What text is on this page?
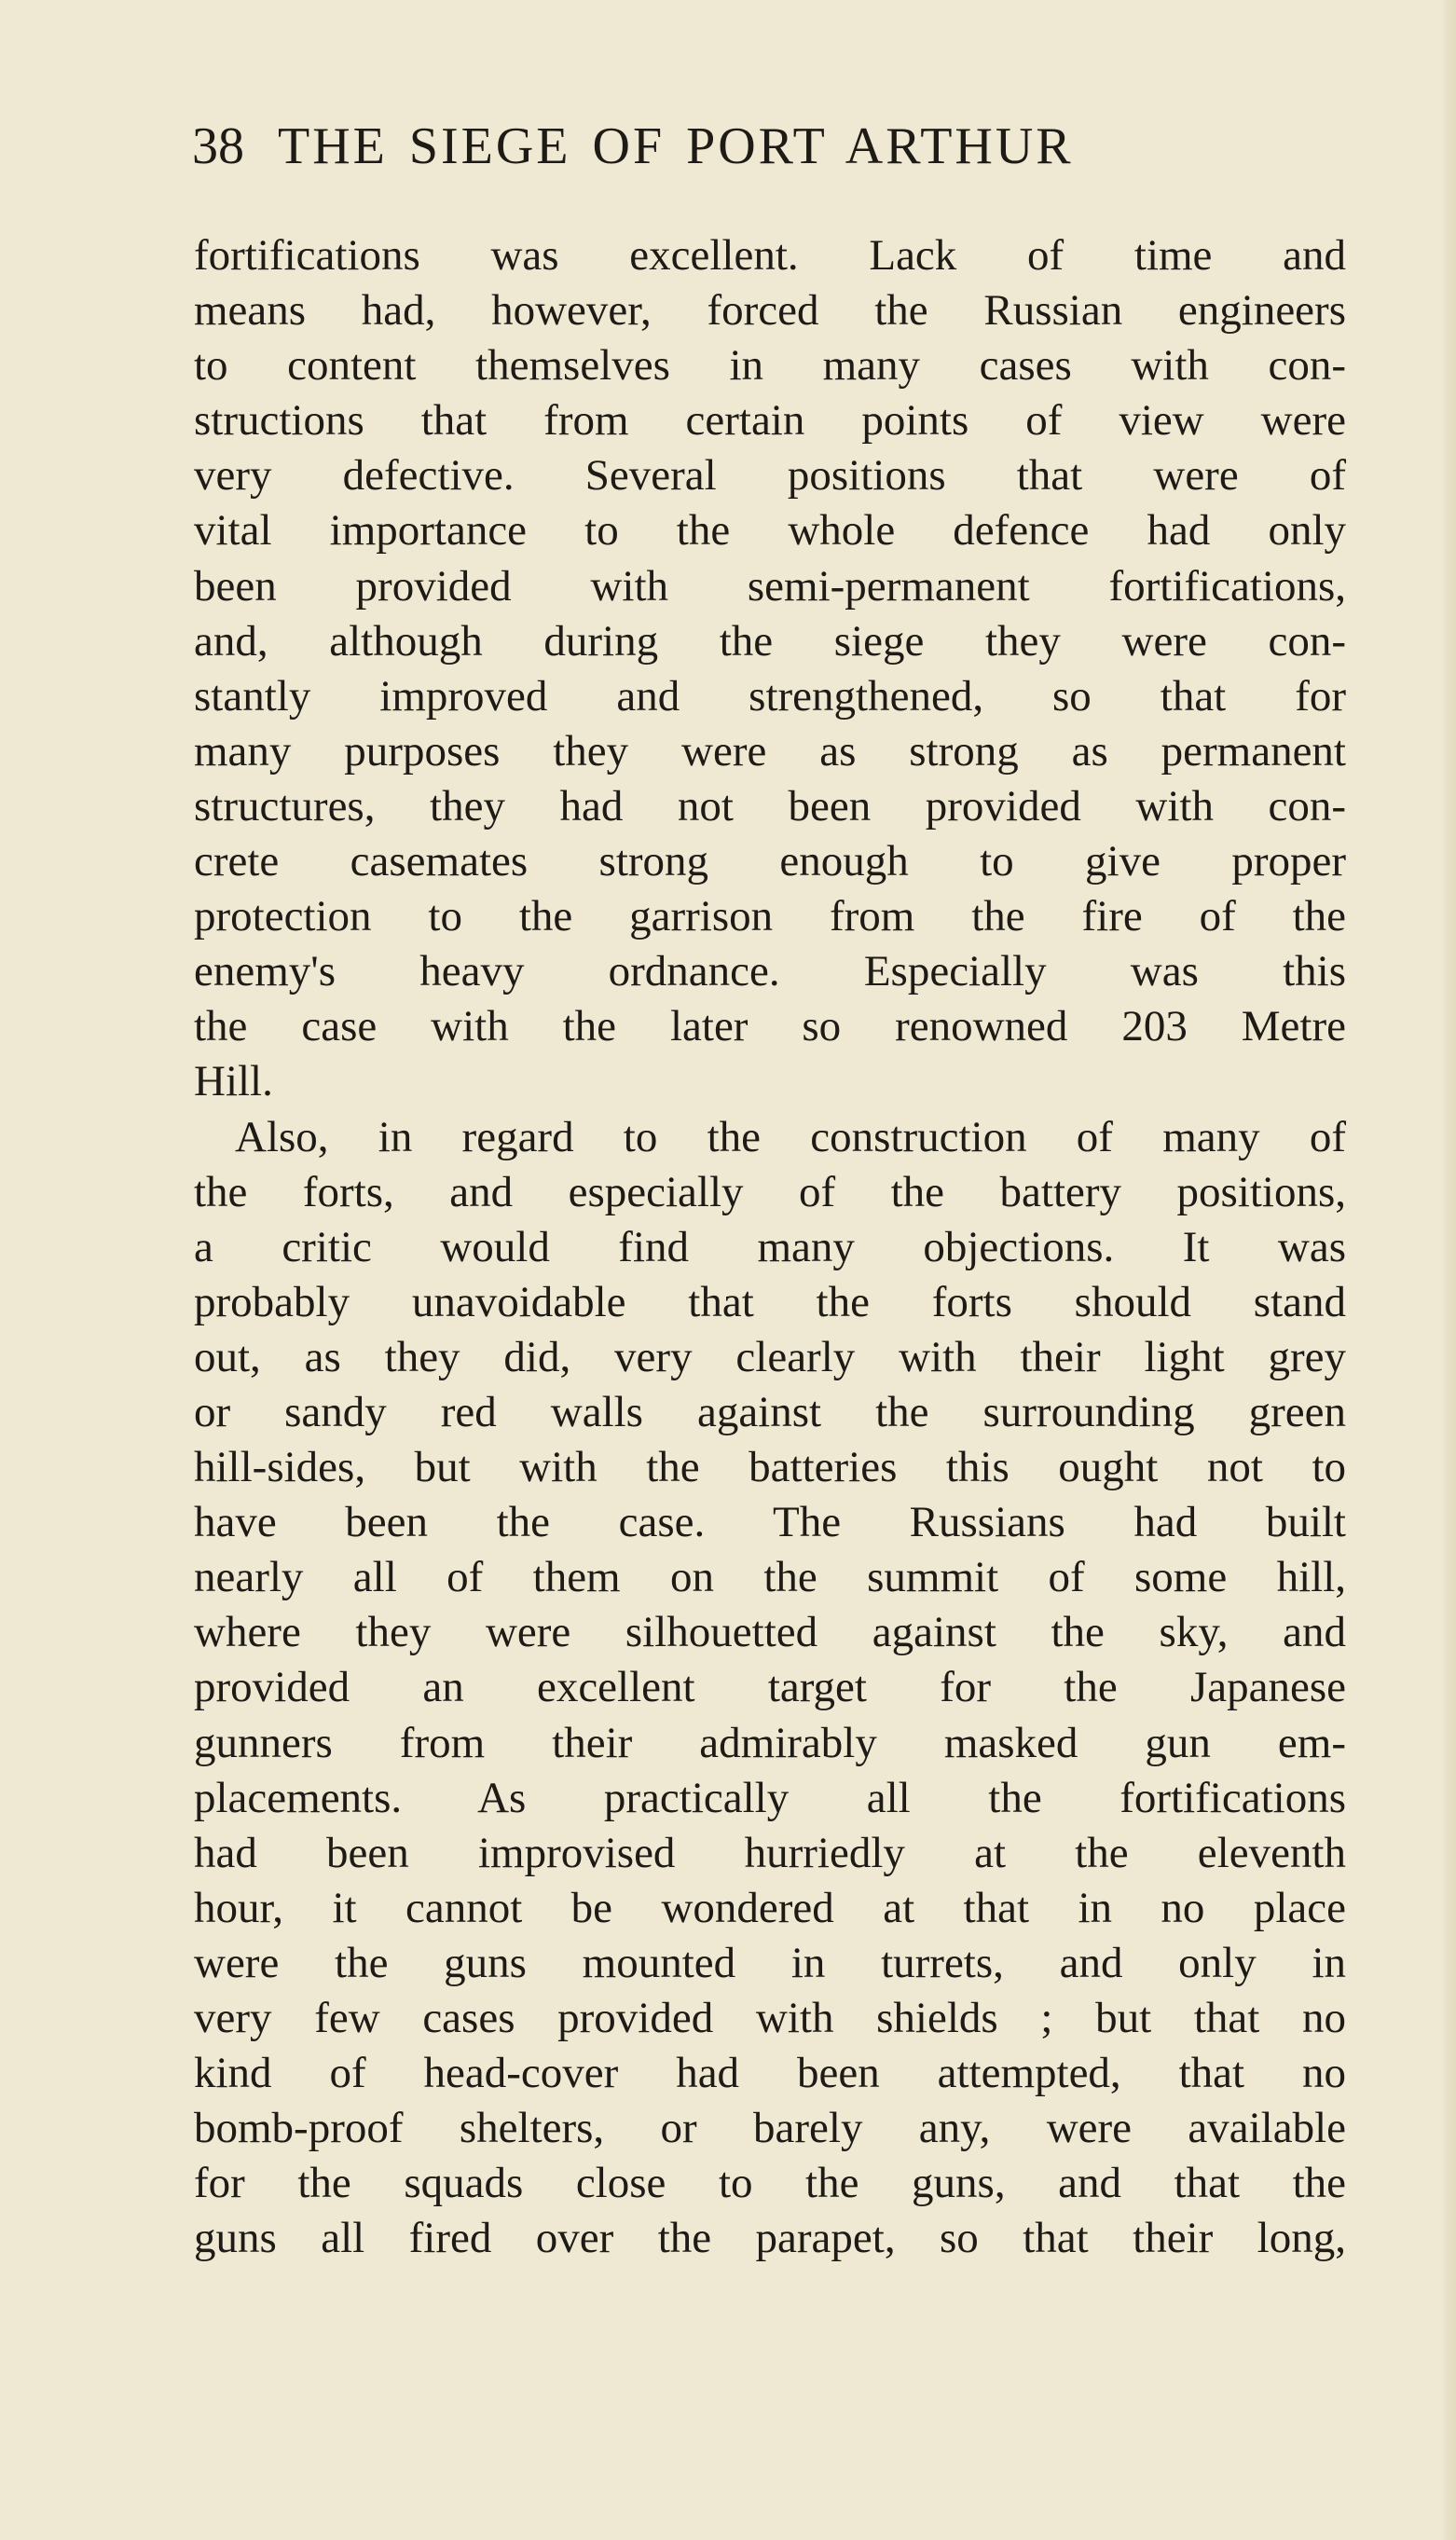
38 THE SIEGE OF PORT ARTHUR
fortifications was excellent. Lack of time and
means had, however, forced the Russian engineers
to content themselves in many cases with con-
structions that from certain points of view were
very defective. Several positions that were of
vital importance to the whole defence had only
been provided with semi-permanent fortifications,
and, although during the siege they were con-
stantly improved and strengthened, so that for
many purposes they were as strong as permanent
structures, they had not been provided with con-
crete casemates strong enough to give proper
protection to the garrison from the fire of the
enemy's heavy ordnance. Especially was this
the case with the later so renowned 203 Metre
Hill.
Also, in regard to the construction of many of
the forts, and especially of the battery positions,
a critic would find many objections. It was
probably unavoidable that the forts should stand
out, as they did, very clearly with their light grey
or sandy red walls against the surrounding green
hill-sides, but with the batteries this ought not to
have been the case. The Russians had built
nearly all of them on the summit of some hill,
where they were silhouetted against the sky, and
provided an excellent target for the Japanese
gunners from their admirably masked gun em-
placements. As practically all the fortifications
had been improvised hurriedly at the eleventh
hour, it cannot be wondered at that in no place
were the guns mounted in turrets, and only in
very few cases provided with shields ; but that no
kind of head-cover had been attempted, that no
bomb-proof shelters, or barely any, were available
for the squads close to the guns, and that the
guns all fired over the parapet, so that their long,
